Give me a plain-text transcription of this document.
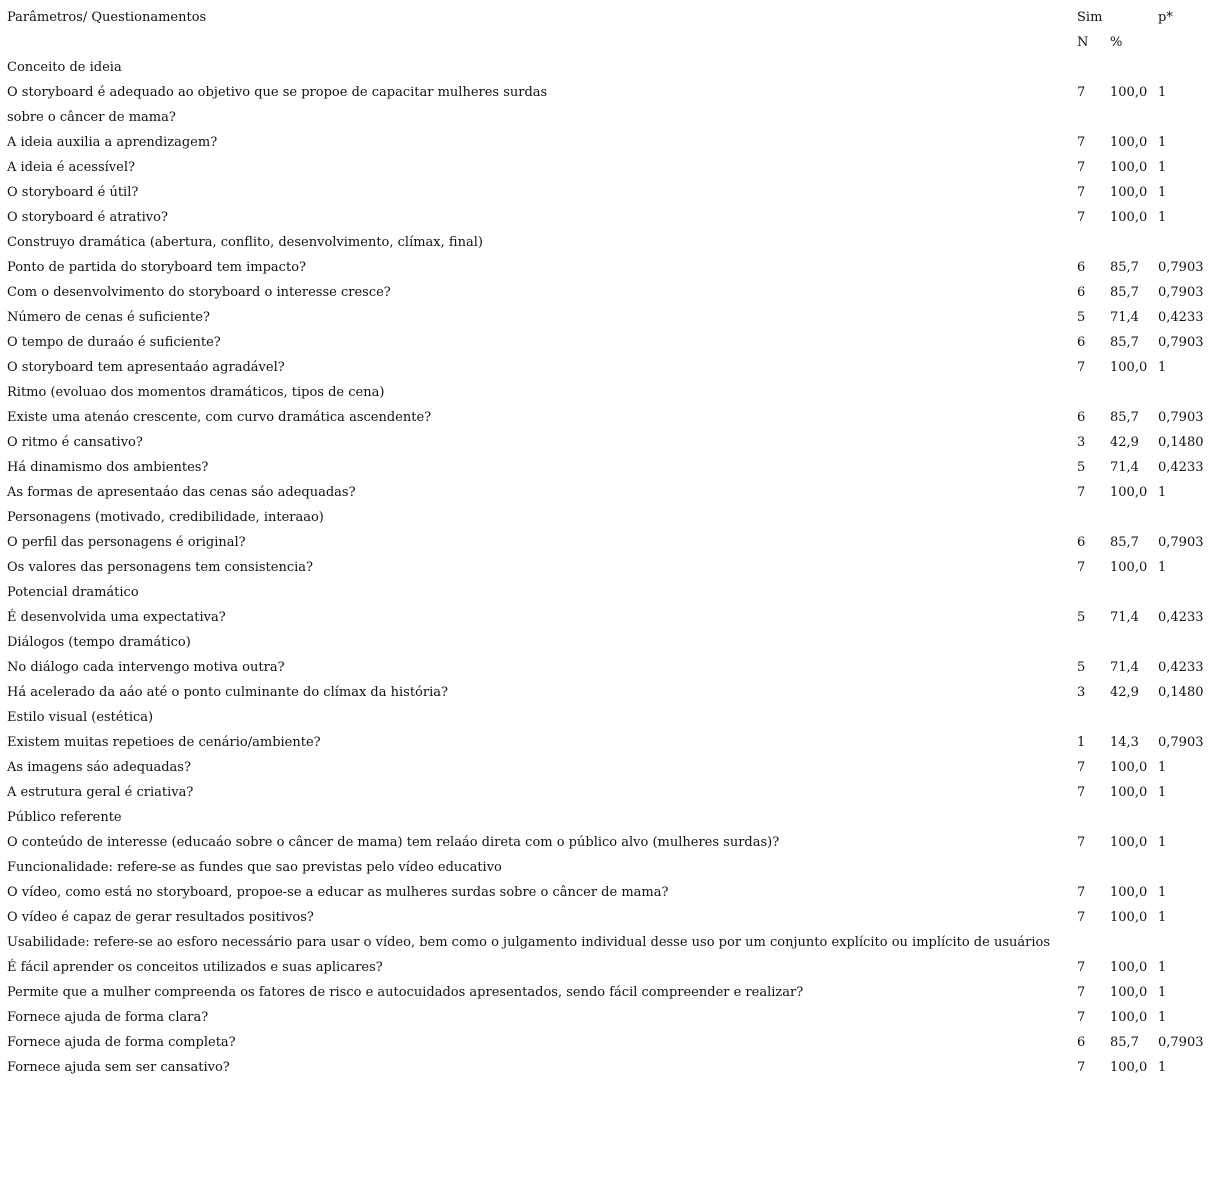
Parâmetros/ Questionamentos	Sim	p*
N %
Conceito de ideia
O storyboard é adequado ao objetivo que se propoe de capacitar mulheres surdas	7 100,0 1
sobre o câncer de mama?
A ideia auxilia a aprendizagem?	7 100,0 1
A ideia é acessível?	7 100,0 1
O storyboard é útil?	7 100,0 1
O storyboard é atrativo?	7 100,0 1
Construyo dramática (abertura, conflito, desenvolvimento, clímax, final)
Ponto de partida do storyboard tem impacto?	6 85,7 0,7903
Com o desenvolvimento do storyboard o interesse cresce?	6 85,7 0,7903
Número de cenas é suficiente?	5 71,4 0,4233
O tempo de duraáo é suficiente?	6 85,7 0,7903
O storyboard tem apresentaáo agradável?	7 100,0 1
Ritmo (evoluao dos momentos dramáticos, tipos de cena)
Existe uma atenáo crescente, com curvo dramática ascendente?	6 85,7 0,7903
O ritmo é cansativo?	3 42,9 0,1480
Há dinamismo dos ambientes?	5 71,4 0,4233
As formas de apresentaáo das cenas sáo adequadas?	7 100,0 1
Personagens (motivado, credibilidade, interaao)
O perfil das personagens é original?	6 85,7 0,7903
Os valores das personagens tem consistencia?	7 100,0 1
Potencial dramático
É desenvolvida uma expectativa?	5 71,4 0,4233
Diálogos (tempo dramático)
No diálogo cada intervengo motiva outra?	5 71,4 0,4233
Há acelerado da aáo até o ponto culminante do clímax da história?	3 42,9 0,1480
Estilo visual (estética)
Existem muitas repetioes de cenário/ambiente?	1 14,3 0,7903
As imagens sáo adequadas?	7 100,0 1
A estrutura geral é criativa?	7 100,0 1
Público referente
O conteúdo de interesse (educaáo sobre o câncer de mama) tem relaáo direta com o público alvo (mulheres surdas)?	7 100,0 1
Funcionalidade: refere-se as fundes que sao previstas pelo vídeo educativo
O vídeo, como está no storyboard, propoe-se a educar as mulheres surdas sobre o câncer de mama?	7 100,0 1
O vídeo é capaz de gerar resultados positivos?	7 100,0 1
Usabilidade: refere-se ao esforo necessário para usar o vídeo, bem como o julgamento individual desse uso por um conjunto explícito ou implícito de usuários
É fácil aprender os conceitos utilizados e suas aplicares?	7 100,0 1
Permite que a mulher compreenda os fatores de risco e autocuidados apresentados, sendo fácil compreender e realizar?	7 100,0 1
Fornece ajuda de forma clara?	7 100,0 1
Fornece ajuda de forma completa?	6 85,7 0,7903
Fornece ajuda sem ser cansativo?	7 100,0 1
